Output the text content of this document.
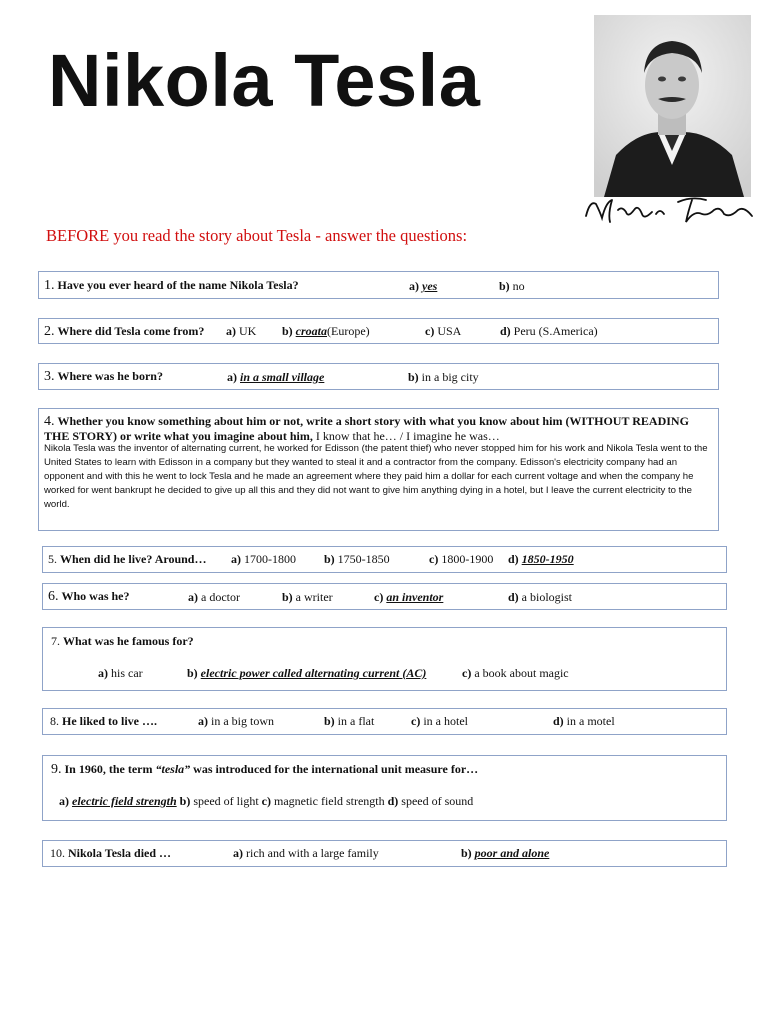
Nikola Tesla
BEFORE you read the story about Tesla - answer the questions:
1. Have you ever heard of the name Nikola Tesla?	a) yes	b) no
2. Where did Tesla come from? a) UK b) croata(Europe)	c) USA	d) Peru (S.America)
3. Where was he born?	a) in a small village	b) in a big city
4. Whether you know something about him or not, write a short story with what you know about him (WITHOUT READING THE STORY) or write what you imagine about him, I know that he… / I imagine he was…
Nikola Tesla was the inventor of alternating current, he worked for Edisson (the patent thief) who never stopped him for his work and Nikola Tesla went to the United States to learn with Edisson in a company but they wanted to steal it and a contractor from the company. Edisson's electricity company had an opponent and with this he went to lock Tesla and he made an agreement where they paid him a dollar for each current voltage and when the company he worked for went bankrupt he decided to give up all this and they did not want to give him anything dying in a hotel, but I leave the current electricity to the world.
5. When did he live? Around… a) 1700-1800 b) 1750-1850	c) 1800-1900 d) 1850-1950
6. Who was he?	a) a doctor	b) a writer	c) an inventor	d) a biologist
7. What was he famous for?
a) his car	b) electric power called alternating current (AC)	c) a book about magic
8. He liked to live ….	a) in a big town	b) in a flat	c) in a hotel	d) in a motel
9. In 1960, the term “tesla” was introduced for the international unit measure for…
a) electric field strength b) speed of light c) magnetic field strength d) speed of sound
10. Nikola Tesla died …	a) rich and with a large family	b) poor and alone
